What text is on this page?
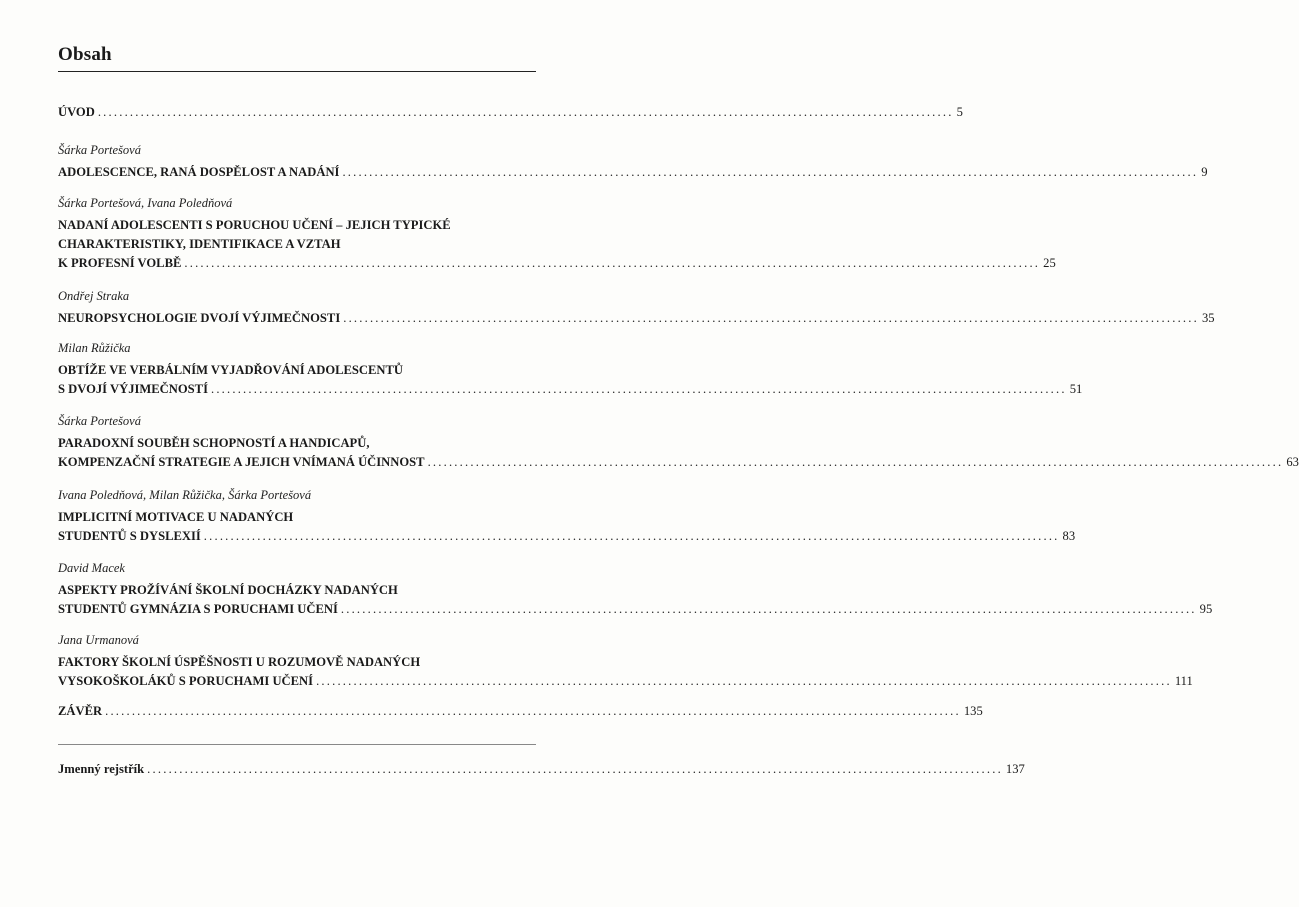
Obsah
ÚVOD ................................................................................................................................................................ 5
Šárka Portešová
ADOLESCENCE, RANÁ DOSPĚLOST A NADÁNÍ ................................................................................................................................................................ 9
Šárka Portešová, Ivana Poledňová
NADANÍ ADOLESCENTI S PORUCHOU UČENÍ – JEJICH TYPICKÉ
CHARAKTERISTIKY, IDENTIFIKACE A VZTAH
K PROFESNÍ VOLBĚ ................................................................................................................................................................ 25
Ondřej Straka
NEUROPSYCHOLOGIE DVOJÍ VÝJIMEČNOSTI ................................................................................................................................................................ 35
Milan Růžička
OBTÍŽE VE VERBÁLNÍM VYJADŘOVÁNÍ ADOLESCENTŮ
S DVOJÍ VÝJIMEČNOSTÍ ................................................................................................................................................................ 51
Šárka Portešová
PARADOXNÍ SOUBĚH SCHOPNOSTÍ A HANDICAPŮ,
KOMPENZAČNÍ STRATEGIE A JEJICH VNÍMANÁ ÚČINNOST ................................................................................................................................................................ 63
Ivana Poledňová, Milan Růžička, Šárka Portešová
IMPLICITNÍ MOTIVACE U NADANÝCH
STUDENTŮ S DYSLEXIÍ ................................................................................................................................................................ 83
David Macek
ASPEKTY PROŽÍVÁNÍ ŠKOLNÍ DOCHÁZKY NADANÝCH
STUDENTŮ GYMNÁZIA S PORUCHAMI UČENÍ ................................................................................................................................................................ 95
Jana Urmanová
FAKTORY ŠKOLNÍ ÚSPĚŠNOSTI U ROZUMOVĚ NADANÝCH
VYSOKOŠKOLÁKŮ S PORUCHAMI UČENÍ ................................................................................................................................................................ 111
ZÁVĚR ................................................................................................................................................................ 135
Jmenný rejstřík ................................................................................................................................................................ 137
